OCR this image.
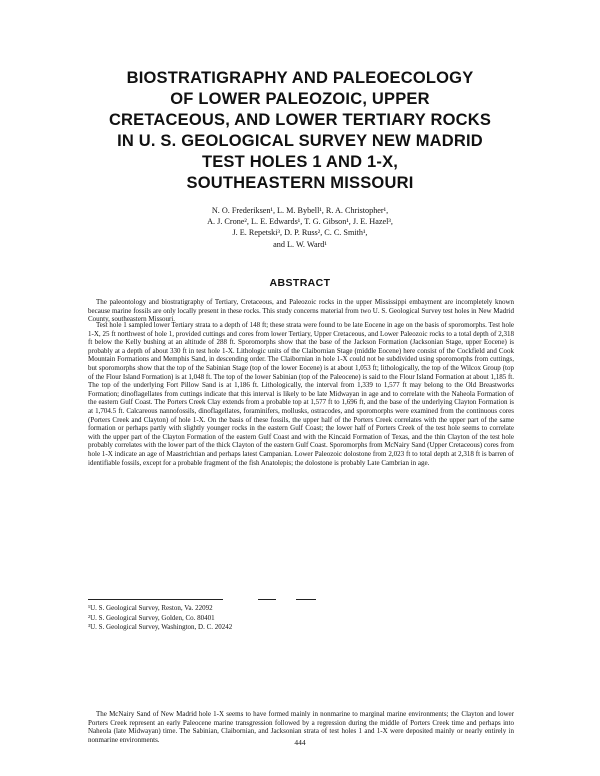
BIOSTRATIGRAPHY AND PALEOECOLOGY
OF LOWER PALEOZOIC, UPPER
CRETACEOUS, AND LOWER TERTIARY ROCKS
IN U. S. GEOLOGICAL SURVEY NEW MADRID
TEST HOLES 1 AND 1-X,
SOUTHEASTERN MISSOURI
N. O. Frederiksen¹, L. M. Bybell¹, R. A. Christopher¹,
A. J. Crone², L. E. Edwards¹, T. G. Gibson¹, J. E. Hazel³,
J. E. Repetski³, D. P. Russ², C. C. Smith¹,
and L. W. Ward¹
ABSTRACT

The paleontology and biostratigraphy of Tertiary, Cretaceous, and Paleozoic rocks in the upper Mississippi embayment are incompletely known because marine fossils are only locally present in these rocks. This study concerns material from two U. S. Geological Survey test holes in New Madrid County, southeastern Missouri.

Test hole 1 sampled lower Tertiary strata to a depth of 148 ft; these strata were found to be late Eocene in age on the basis of sporomorphs. Test hole 1-X, 25 ft northwest of hole 1, provided cuttings and cores from lower Tertiary, Upper Cretaceous, and Lower Paleozoic rocks to a total depth of 2,318 ft below the Kelly bushing at an altitude of 288 ft. Sporomorphs show that the base of the Jackson Formation (Jacksonian Stage, upper Eocene) is probably at a depth of about 330 ft in test hole 1-X. Lithologic units of the Claibornian Stage (middle Eocene) here consist of the Cockfield and Cook Mountain Formations and Memphis Sand, in descending order. The Claibornian in hole 1-X could not be subdivided using sporomorphs from cuttings, but sporomorphs show that the top of the Sabinian Stage (top of the lower Eocene) is at about 1,053 ft; lithologically, the top of the Wilcox Group (top of the Flour Island Formation) is at 1,048 ft. The top of the lower Sabinian (top of the Paleocene) is said to the Flour Island Formation at about 1,185 ft. The top of the underlying Fort Pillow Sand is at 1,186 ft. Lithologically, the interval from 1,339 to 1,577 ft may belong to the Old Breastworks Formation; dinoflagellates from cuttings indicate that this interval is likely to be late Midwayan in age and to correlate with the Naheola Formation of the eastern Gulf Coast. The Porters Creek Clay extends from a probable top at 1,577 ft to 1,696 ft, and the base of the underlying Clayton Formation is at 1,704.5 ft. Calcareous nannofossils, dinoflagellates, foraminifers, mollusks, ostracodes, and sporomorphs were examined from the continuous cores (Porters Creek and Clayton) of hole 1-X. On the basis of these fossils, the upper half of the Porters Creek correlates with the upper part of the same formation or perhaps partly with slightly younger rocks in the eastern Gulf Coast; the lower half of Porters Creek of the test hole seems to correlate with the upper part of the Clayton Formation of the eastern Gulf Coast and with the Kincaid Formation of Texas, and the thin Clayton of the test hole probably correlates with the lower part of the thick Clayton of the eastern Gulf Coast. Sporomorphs from McNairy Sand (Upper Cretaceous) cores from hole 1-X indicate an age of Maastrichtian and perhaps latest Campanian. Lower Paleozoic dolostone from 2,023 ft to total depth at 2,318 ft is barren of identifiable fossils, except for a probable fragment of the fish Anatolepis; the dolostone is probably Late Cambrian in age.

¹U. S. Geological Survey, Reston, Va. 22092
²U. S. Geological Survey, Golden, Co. 80401
³U. S. Geological Survey, Washington, D. C. 20242

The McNairy Sand of New Madrid hole 1-X seems to have formed mainly in nonmarine to marginal marine environments; the Clayton and lower Porters Creek represent an early Paleocene marine transgression followed by a regression during the middle of Porters Creek time and perhaps into Naheola (late Midwayan) time. The Sabinian, Claibornian, and Jacksonian strata of test holes 1 and 1-X were deposited mainly or nearly entirely in nonmarine environments.	444
